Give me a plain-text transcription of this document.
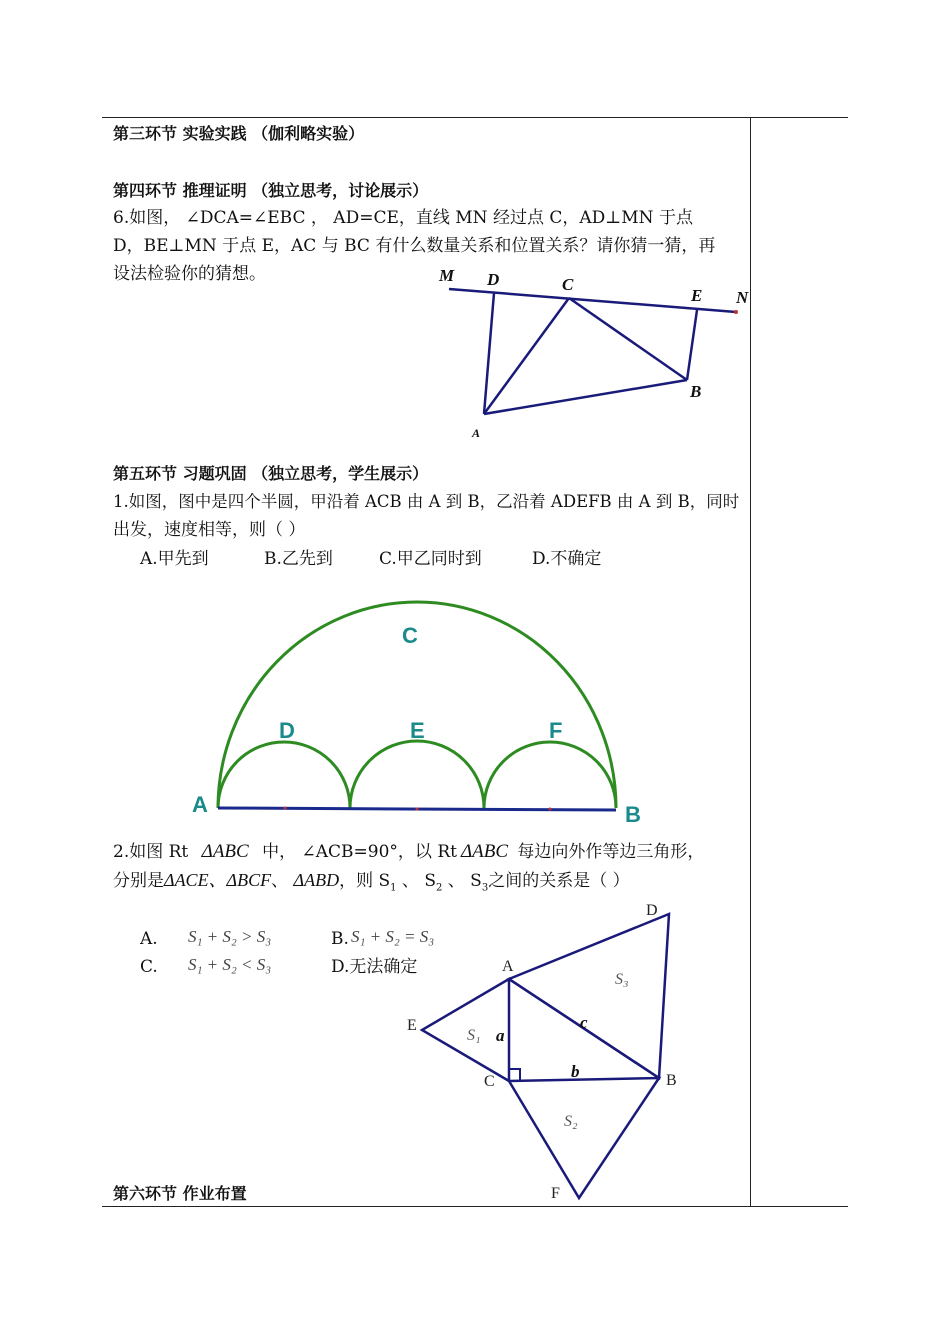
第三环节 实验实践 （伽利略实验）
第四环节 推理证明 （独立思考，讨论展示）
6.如图， ∠DCA=∠EBC ， AD=CE，直线 MN 经过点 C，AD⊥MN 于点
D，BE⊥MN 于点 E，AC 与 BC 有什么数量关系和位置关系？请你猜一猜，再
设法检验你的猜想。	M D	C
E N
B
A
第五环节 习题巩固 （独立思考，学生展示）
1.如图，图中是四个半圆，甲沿着 ACB 由 A 到 B，乙沿着 ADEFB 由 A 到 B，同时
出发，速度相等，则（ ）
A.甲先到	B.乙先到	C.甲乙同时到	D.不确定
C
D	E	F
A	B
2.如图 Rt ΔABC 中， ∠ACB=90°，以 Rt ΔABC 每边向外作等边三角形，
分别是ΔACE、ΔBCF、 ΔABD，则 $S_1$ 、 $S_2$ 、 $S_3$之间的关系是（ ）
A. S₁ + S₂ > S₃	B. S₁ + S₂ = S₃
C. S₁ + S₂ < S₃	D.无法确定
D
A
E
C	B
F
a
b
c
S₁
S₂
S₃
第六环节 作业布置
